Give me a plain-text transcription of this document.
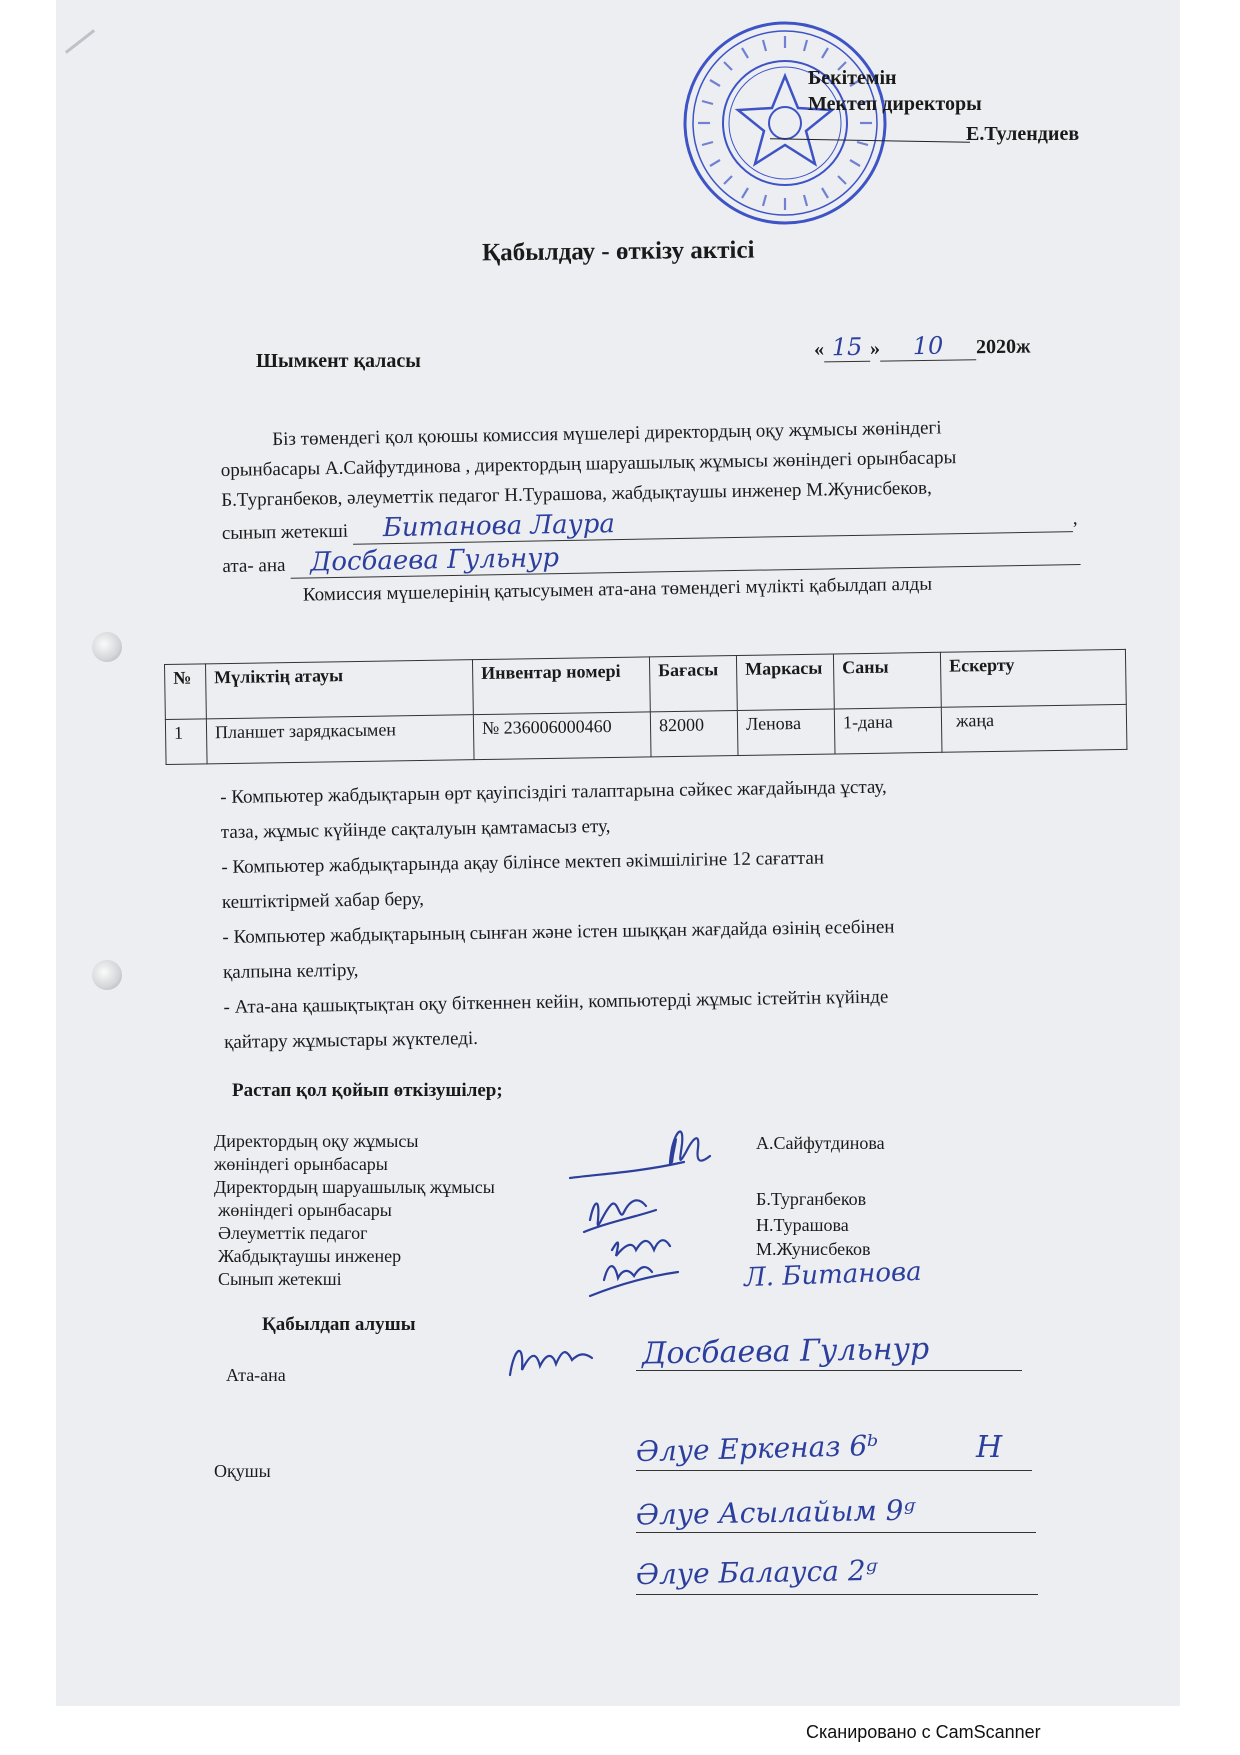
Бекітемін
Мектеп директоры
Е.Тулендиев
Қабылдау - өткізу актісі
Шымкент қаласы
« 15 » 10 2020ж
Біз төмендегі қол қоюшы комиссия мүшелері директордың оқу жұмысы жөніндегі
орынбасары А.Сайфутдинова , директордың шаруашылық жұмысы жөніндегі орынбасары
Б.Турганбеков, әлеуметтік педагог Н.Турашова, жабдықтаушы инженер М.Жунисбеков,
сынып жетекші Битанова Лаура	,
ата- ана Досбаева Гульнур
Комиссия мүшелерінің қатысуымен ата-ана төмендегі мүлікті қабылдап алды
№	Мүліктің атауы	Инвентар номері	Бағасы	Маркасы	Саны	Ескерту
1	Планшет зарядкасымен	№ 236006000460	82000	Ленова	1-дана	жаңа
- Компьютер жабдықтарын өрт қауіпсіздігі талаптарына сәйкес жағдайында ұстау,
таза, жұмыс күйінде сақталуын қамтамасыз ету,
- Компьютер жабдықтарында ақау білінсе мектеп әкімшілігіне 12 сағаттан
кештіктірмей хабар беру,
- Компьютер жабдықтарының сынған және істен шыққан жағдайда өзінің есебінен
қалпына келтіру,
- Ата-ана қашықтықтан оқу біткеннен кейін, компьютерді жұмыс істейтін күйінде
қайтару жұмыстары жүктеледі.
Растап қол қойып өткізушілер;
Директордың оқу жұмысы
жөніндегі орынбасары
Директордың шаруашылық жұмысы
жөніндегі орынбасары
Әлеуметтік педагог
Жабдықтаушы инженер
Сынып жетекші
А.Сайфутдинова
Б.Турганбеков
Н.Турашова
М.Жунисбеков
Л. Битанова
Қабылдап алушы
Ата-ана
Досбаева Гульнур
Оқушы
Әлуе Еркеназ 6ᵇ	Н
Әлуе Асылайым 9ᶢ
Әлуе Балаусa 2ᶢ
Сканировано с CamScanner
